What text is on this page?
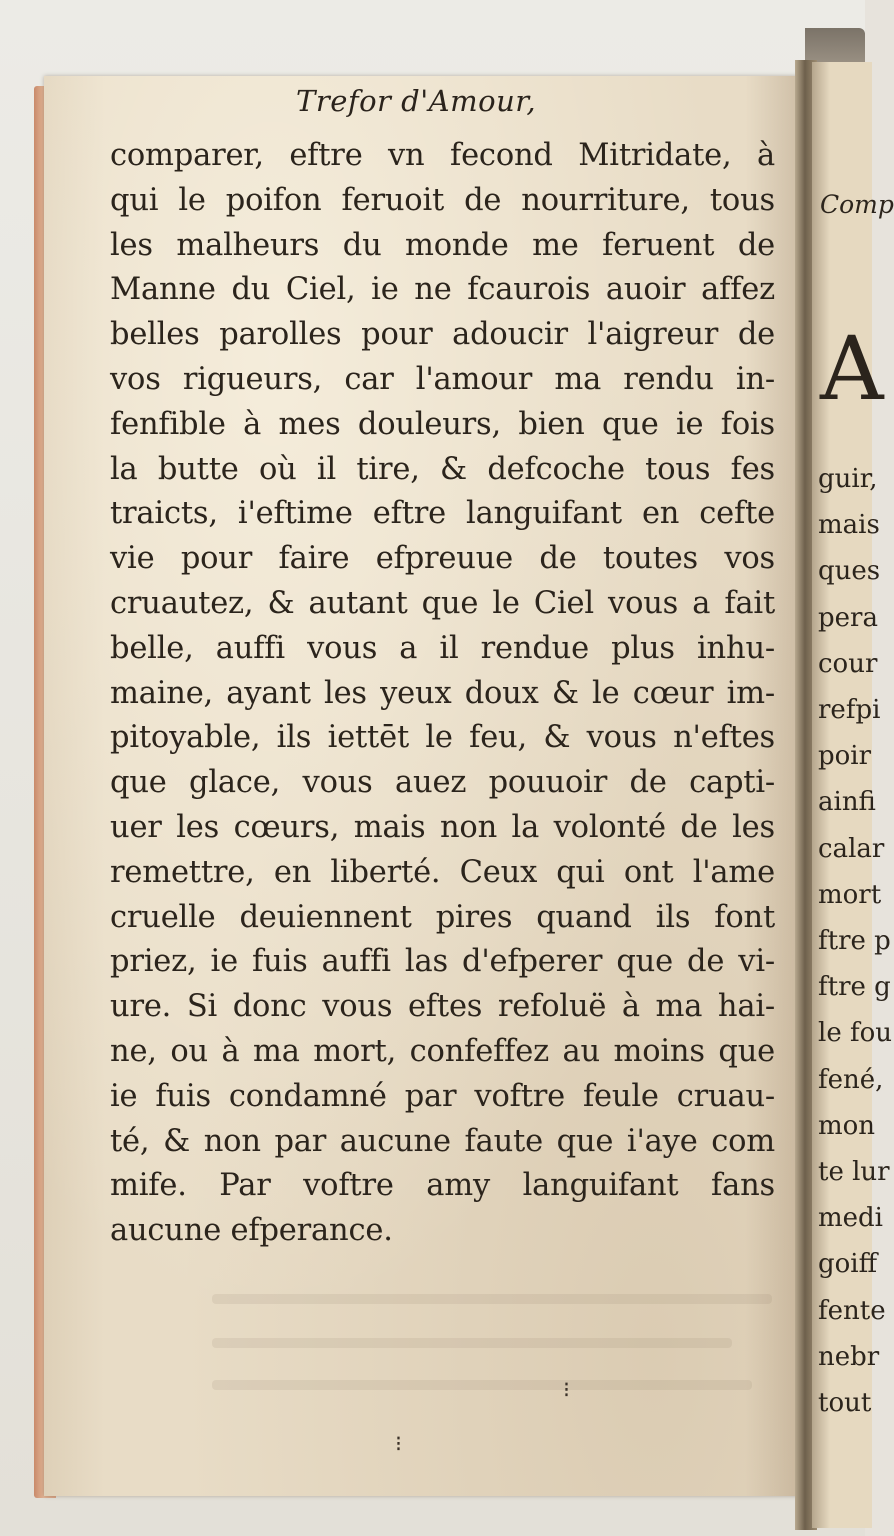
Trefor d'Amour,
comparer, eftre vn fecond Mitridate, à
qui le poifon feruoit de nourriture, tous
les malheurs du monde me feruent de
Manne du Ciel, ie ne fcaurois auoir affez
belles parolles pour adoucir l'aigreur de
vos rigueurs, car l'amour ma rendu in-
fenfible à mes douleurs, bien que ie fois
la butte où il tire, & defcoche tous fes
traicts, i'eftime eftre languifant en cefte
vie pour faire efpreuue de toutes vos
cruautez, & autant que le Ciel vous a fait
belle, auffi vous a il rendue plus inhu-
maine, ayant les yeux doux & le cœur im-
pitoyable, ils iettēt le feu, & vous n'eftes
que glace, vous auez pouuoir de capti-
uer les cœurs, mais non la volonté de les
remettre, en liberté. Ceux qui ont l'ame
cruelle deuiennent pires quand ils font
priez, ie fuis auffi las d'efperer que de vi-
ure. Si donc vous eftes refoluë à ma hai-
ne, ou à ma mort, confeffez au moins que
ie fuis condamné par voftre feule cruau-
té, & non par aucune faute que i'aye com
mife. Par voftre amy languifant fans
aucune efperance.
⁝
⁝
Comp
A
guir,
mais
ques
pera
cour
refpi
poir
ainfi
calar
mort
ftre p
ftre g
le fou
fené,
mon
te lur
medi
goiff
fente
nebr
tout
